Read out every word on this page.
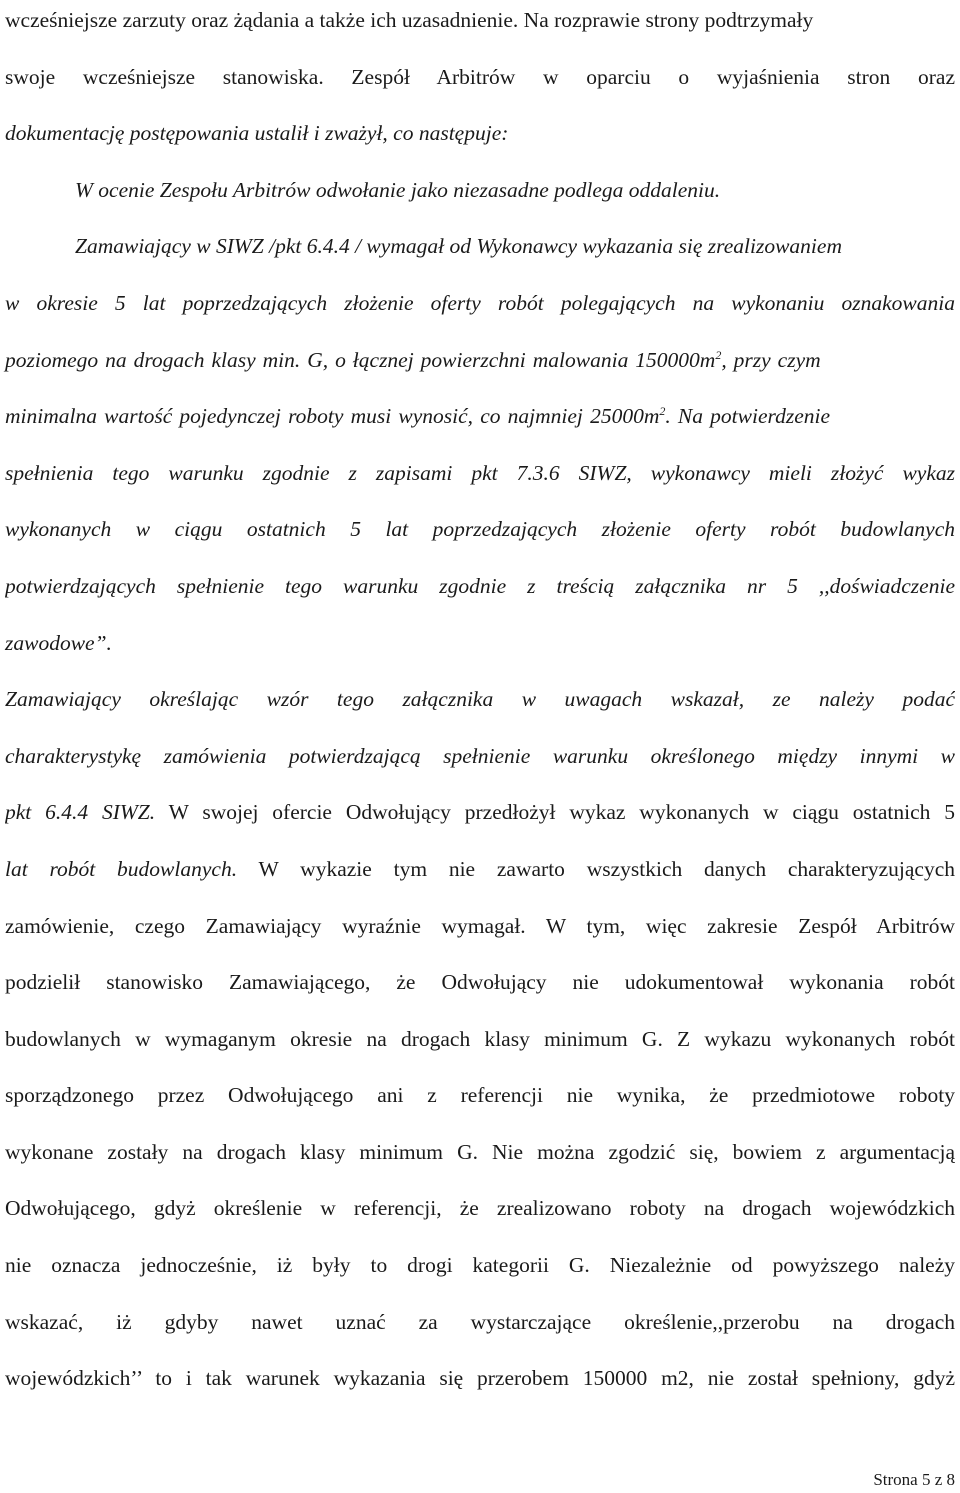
wcześniejsze zarzuty oraz żądania a także ich uzasadnienie. Na rozprawie strony podtrzymały
swoje wcześniejsze stanowiska. Zespół Arbitrów w oparciu o wyjaśnienia stron oraz
dokumentację postępowania ustalił i zważył, co następuje:
W ocenie Zespołu Arbitrów odwołanie jako niezasadne podlega oddaleniu.
Zamawiający w SIWZ /pkt 6.4.4 / wymagał od Wykonawcy wykazania się zrealizowaniem
w okresie 5 lat poprzedzających złożenie oferty robót polegających na wykonaniu oznakowania
poziomego na drogach klasy min. G, o łącznej powierzchni malowania $150000m^2$, przy czym
minimalna wartość pojedynczej roboty musi wynosić, co najmniej $25000m^2$. Na potwierdzenie
spełnienia tego warunku zgodnie z zapisami pkt 7.3.6 SIWZ, wykonawcy mieli złożyć wykaz
wykonanych w ciągu ostatnich 5 lat poprzedzających złożenie oferty robót budowlanych
potwierdzających spełnienie tego warunku zgodnie z treścią załącznika nr 5 ,,doświadczenie
zawodowe”.
Zamawiający określając wzór tego załącznika w uwagach wskazał, ze należy podać
charakterystykę zamówienia potwierdzającą spełnienie warunku określonego między innymi w
pkt 6.4.4 SIWZ. W swojej ofercie Odwołujący przedłożył wykaz wykonanych w ciągu ostatnich 5
lat robót budowlanych. W wykazie tym nie zawarto wszystkich danych charakteryzujących
zamówienie, czego Zamawiający wyraźnie wymagał. W tym, więc zakresie Zespół Arbitrów
podzielił stanowisko Zamawiającego, że Odwołujący nie udokumentował wykonania robót
budowlanych w wymaganym okresie na drogach klasy minimum G. Z wykazu wykonanych robót
sporządzonego przez Odwołującego ani z referencji nie wynika, że przedmiotowe roboty
wykonane zostały na drogach klasy minimum G. Nie można zgodzić się, bowiem z argumentacją
Odwołującego, gdyż określenie w referencji, że zrealizowano roboty na drogach wojewódzkich
nie oznacza jednocześnie, iż były to drogi kategorii G. Niezależnie od powyższego należy
wskazać, iż gdyby nawet uznać za wystarczające określenie,,przerobu na drogach
wojewódzkich’’ to i tak warunek wykazania się przerobem 150000 m2, nie został spełniony, gdyż
Strona 5 z 8
